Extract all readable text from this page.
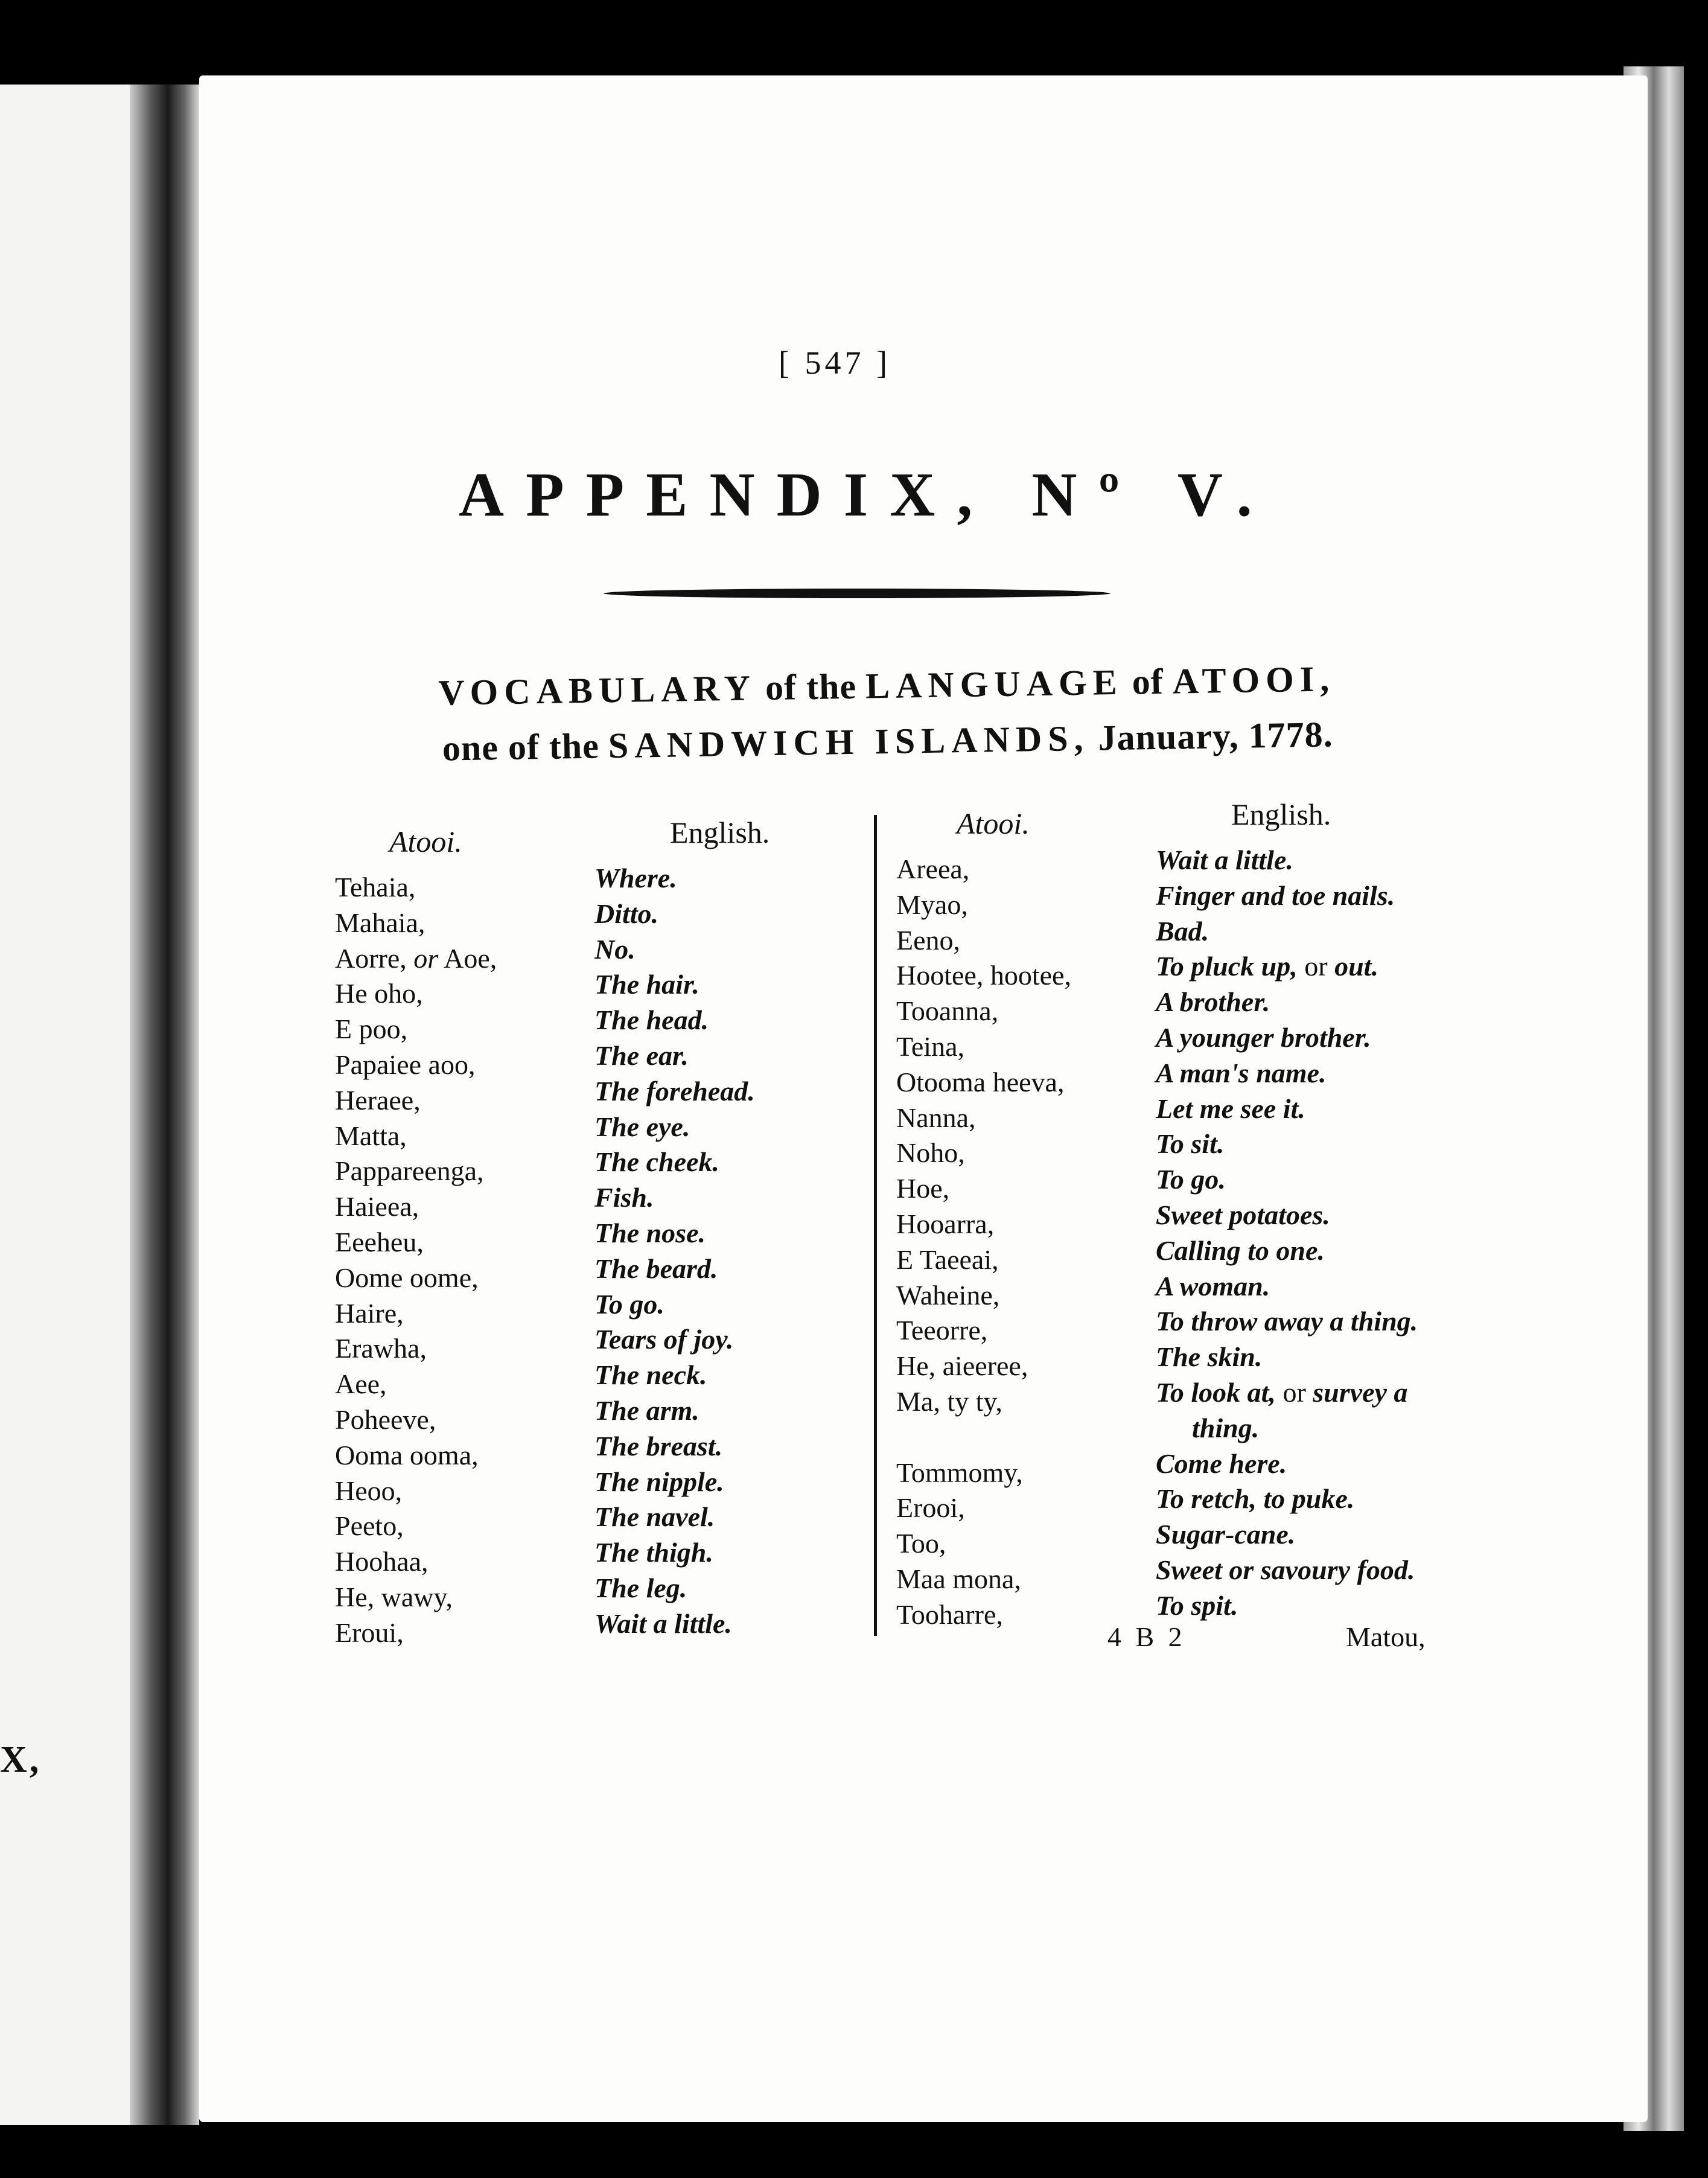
X,
[ 547 ]
APPENDIX, Nº V.
VOCABULARY of the LANGUAGE of ATOOI,
one of the SANDWICH ISLANDS, January, 1778.
Atooi.
Tehaia,
Mahaia,
Aorre, or Aoe,
He oho,
E poo,
Papaiee aoo,
Heraee,
Matta,
Pappareenga,
Haieea,
Eeeheu,
Oome oome,
Haire,
Erawha,
Aee,
Poheeve,
Ooma ooma,
Heoo,
Peeto,
Hoohaa,
He, wawy,
Eroui,
English.
Where.
Ditto.
No.
The hair.
The head.
The ear.
The forehead.
The eye.
The cheek.
Fish.
The nose.
The beard.
To go.
Tears of joy.
The neck.
The arm.
The breast.
The nipple.
The navel.
The thigh.
The leg.
Wait a little.
Atooi.
Areea,
Myao,
Eeno,
Hootee, hootee,
Tooanna,
Teina,
Otooma heeva,
Nanna,
Noho,
Hoe,
Hooarra,
E Taeeai,
Waheine,
Teeorre,
He, aieeree,
Ma, ty ty,
Tommomy,
Erooi,
Too,
Maa mona,
Tooharre,
English.
Wait a little.
Finger and toe nails.
Bad.
To pluck up, or out.
A brother.
A younger brother.
A man's name.
Let me see it.
To sit.
To go.
Sweet potatoes.
Calling to one.
A woman.
To throw away a thing.
The skin.
To look at, or survey a
thing.
Come here.
To retch, to puke.
Sugar-cane.
Sweet or savoury food.
To spit.
4 B 2	Matou,
